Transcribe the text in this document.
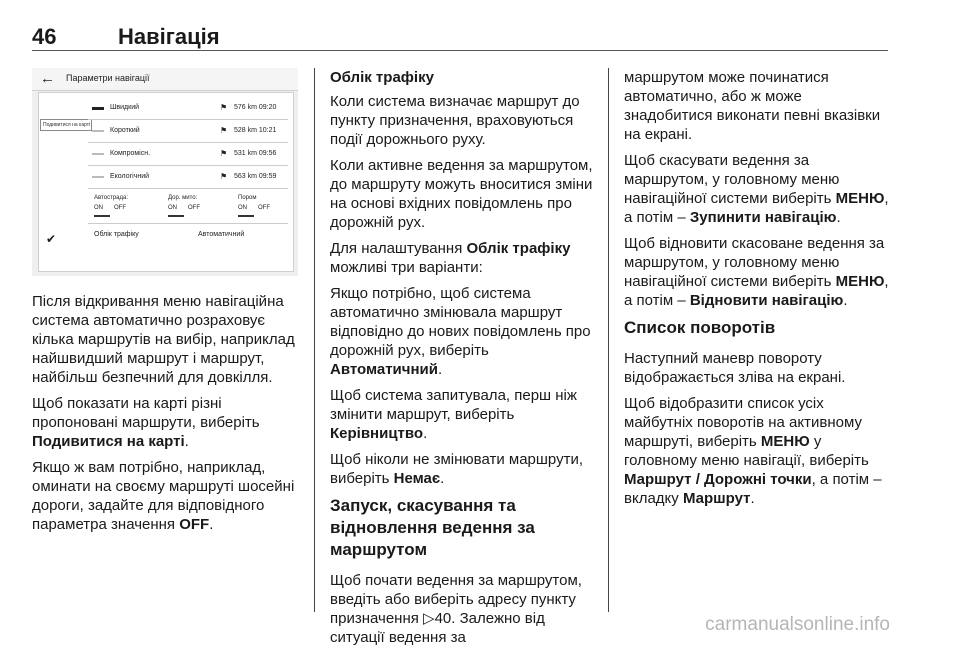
46	Навігація
← Параметри навігації
Подивитися на карті
Швидкий	⚑ 576 km 09:20
Короткий	⚑ 528 km 10:21
Компроміcн.	⚑ 531 km 09:56
Екологічний	⚑ 563 km 09:59
Автострада:
ON OFF
Дор. мито:
ON OFF
Пором
ON OFF
✔	Облік трафіку	Автоматичний

Після відкривання меню навігаційна система автоматично розраховує кілька маршрутів на вибір, наприклад найшвидший маршрут і маршрут, найбільш безпечний для довкілля.

Щоб показати на карті різні пропоновані маршрути, виберіть Подивитися на карті.

Якщо ж вам потрібно, наприклад, оминати на своєму маршруті шосейні дороги, задайте для відповідного параметра значення OFF.

Облік трафіку

Коли система визначає маршрут до пункту призначення, враховуються події дорожнього руху.

Коли активне ведення за маршрутом, до маршруту можуть вноситися зміни на основі вхідних повідомлень про дорожній рух.

Для налаштування Облік трафіку можливі три варіанти:

Якщо потрібно, щоб система автоматично змінювала маршрут відповідно до нових повідомлень про дорожній рух, виберіть Автоматичний.

Щоб система запитувала, перш ніж змінити маршрут, виберіть Керівництво.

Щоб ніколи не змінювати маршрути, виберіть Немає.

Запуск, скасування та відновлення ведення за маршрутом

Щоб почати ведення за маршрутом, введіть або виберіть адресу пункту призначення ▷40. Залежно від ситуації ведення за

маршрутом може починатися автоматично, або ж може знадобитися виконати певні вказівки на екрані.

Щоб скасувати ведення за маршрутом, у головному меню навігаційної системи виберіть МЕНЮ, а потім – Зупинити навігацію.

Щоб відновити скасоване ведення за маршрутом, у головному меню навігаційної системи виберіть МЕНЮ, а потім – Відновити навігацію.

Список поворотів

Наступний маневр повороту відображається зліва на екрані.

Щоб відобразити список усіх майбутніх поворотів на активному маршруті, виберіть МЕНЮ у головному меню навігації, виберіть Маршрут / Дорожні точки, а потім – вкладку Маршрут.

carmanualsonline.info
